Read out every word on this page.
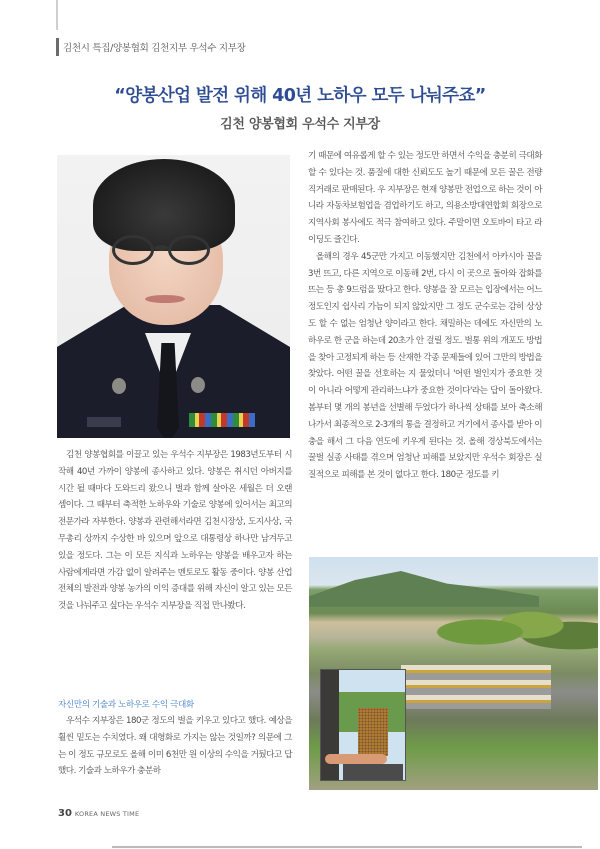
김천시 특집/양봉협회 김천지부 우석수 지부장
“양봉산업 발전 위해 40년 노하우 모두 나눠주죠”
김천 양봉협회 우석수 지부장

기 때문에 여유롭게 할 수 있는 정도만 하면서 수익을 충분히 극대화 할 수 있다는 것. 품질에 대한 신뢰도도 높기 때문에 모든 꿀은 전량 직거래로 판매된다. 우 지부장은 현재 양봉만 전업으로 하는 것이 아니라 자동차보험업을 겸업하기도 하고, 의용소방대연합회 회장으로 지역사회 봉사에도 적극 참여하고 있다. 주말이면 오토바이 타고 라이딩도 즐긴다.

올해의 경우 45군만 가지고 이동했지만 김천에서 아카시아 꿀을 3번 뜨고, 다른 지역으로 이동해 2번, 다시 이 곳으로 돌아와 잡화를 뜨는 등 총 9드럼을 땄다고 한다. 양봉을 잘 모르는 입장에서는 어느 정도인지 쉽사리 가늠이 되지 않았지만 그 정도 군수로는 감히 상상도 할 수 없는 엄청난 양이라고 한다. 채밀하는 데에도 자신만의 노하우로 한 군을 하는데 20초가 안 걸릴 정도. 벌통 위의 개포도 방법을 찾아 고정되게 하는 등 산재한 각종 문제들에 있어 그만의 방법을 찾았다. 어떤 꿀을 선호하는 지 물었더니 '어떤 벌인지가 중요한 것이 아니라 어떻게 관리하느냐가 중요한 것이다'라는 답이 돌아왔다. 봄부터 몇 개의 봉년을 선별해 두었다가 하나씩 상태를 보아 축소해 나가서 최종적으로 2-3개의 통을 결정하고 거기에서 종사를 받아 이충을 해서 그 다음 연도에 키우게 된다는 것. 올해 경상북도에서는 꿀벌 실종 사태를 겪으며 엄청난 피해를 보았지만 우석수 회장은 실질적으로 피해를 본 것이 없다고 한다. 180군 정도를 키

김천 양봉협회를 이끌고 있는 우석수 지부장은 1983년도부터 시작해 40년 가까이 양봉에 종사하고 있다. 양봉은 취시던 아버지를 시간 될 때마다 도와드리 왔으니 벌과 함께 살아온 세월은 더 오랜 셈이다. 그 때부터 축적한 노하우와 기술로 양봉에 있어서는 최고의 전문가라 자부한다. 양봉과 관련해서라면 김천시장상, 도지사상, 국무총리 상까지 수상한 바 있으며 앞으로 대통령상 하나만 남겨두고 있을 정도다. 그는 이 모든 지식과 노하우는 양봉을 배우고자 하는 사람에게라면 가감 없이 알려주는 멘토로도 활동 중이다. 양봉 산업 전체의 발전과 양봉 농가의 이익 증대를 위해 자신이 알고 있는 모든 것을 나눠주고 싶다는 우석수 지부장을 직접 만나봤다.

자신만의 기술과 노하우로 수익 극대화

우석수 지부장은 180군 정도의 벌을 키우고 있다고 했다. 예상을 훨씬 밑도는 수치였다. 왜 대형화로 가지는 않는 것일까? 의문에 그는 이 정도 규모로도 올해 이미 6천만 원 이상의 수익을 거뒀다고 답했다. 기술과 노하우가 충분하

30 KOREA NEWS TIME
